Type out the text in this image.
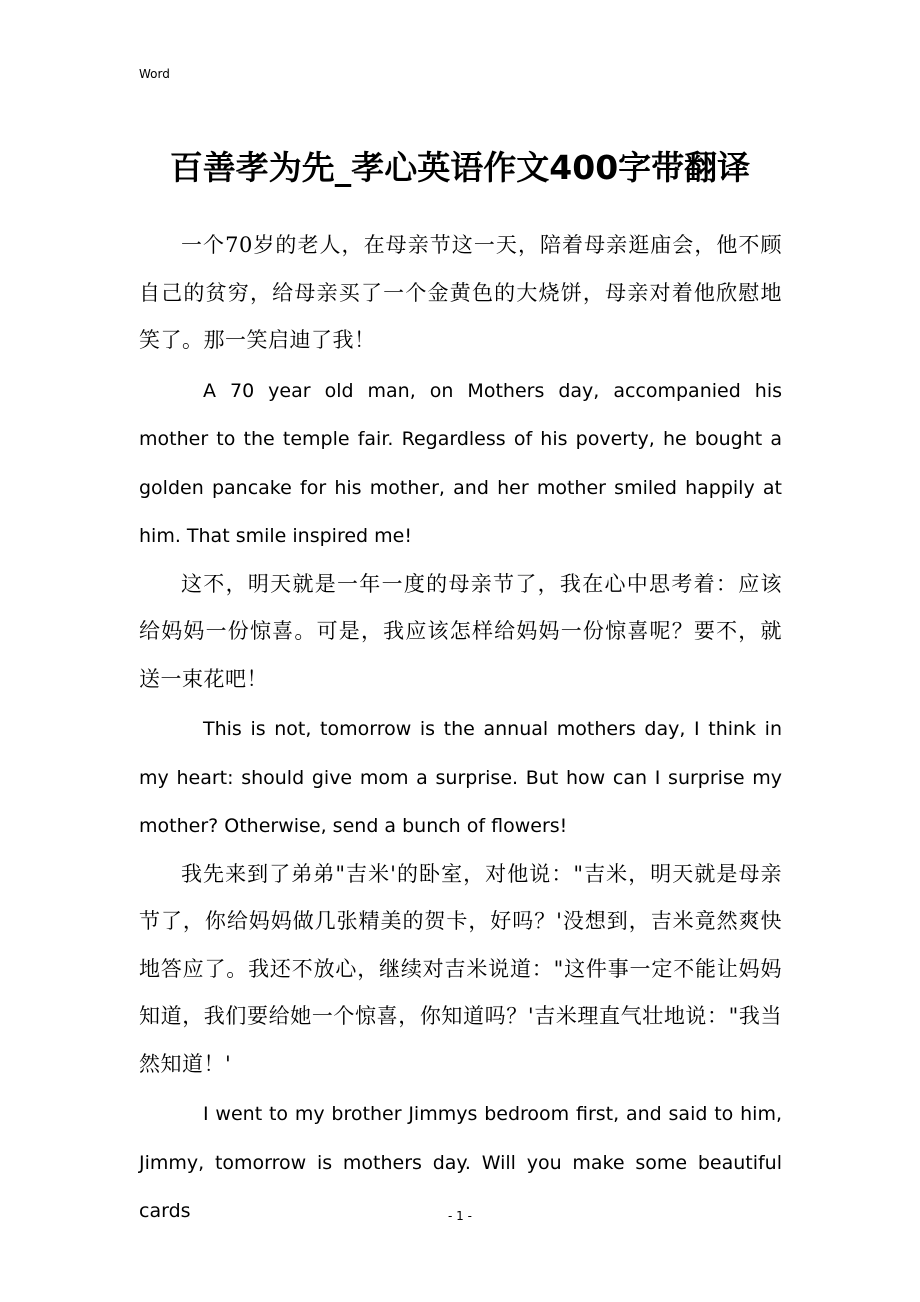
Word
百善孝为先_孝心英语作文400字带翻译

一个70岁的老人，在母亲节这一天，陪着母亲逛庙会，他不顾自己的贫穷，给母亲买了一个金黄色的大烧饼，母亲对着他欣慰地笑了。那一笑启迪了我！

A 70 year old man, on Mothers day, accompanied his mother to the temple fair. Regardless of his poverty, he bought a golden pancake for his mother, and her mother smiled happily at him. That smile inspired me!

这不，明天就是一年一度的母亲节了，我在心中思考着：应该给妈妈一份惊喜。可是，我应该怎样给妈妈一份惊喜呢？要不，就送一束花吧！

This is not, tomorrow is the annual mothers day, I think in my heart: should give mom a surprise. But how can I surprise my mother? Otherwise, send a bunch of flowers!

我先来到了弟弟"吉米'的卧室，对他说："吉米，明天就是母亲节了，你给妈妈做几张精美的贺卡，好吗？'没想到，吉米竟然爽快地答应了。我还不放心，继续对吉米说道："这件事一定不能让妈妈知道，我们要给她一个惊喜，你知道吗？'吉米理直气壮地说："我当然知道！'

I went to my brother Jimmys bedroom first, and said to him, Jimmy, tomorrow is mothers day. Will you make some beautiful cards	- 1 -
